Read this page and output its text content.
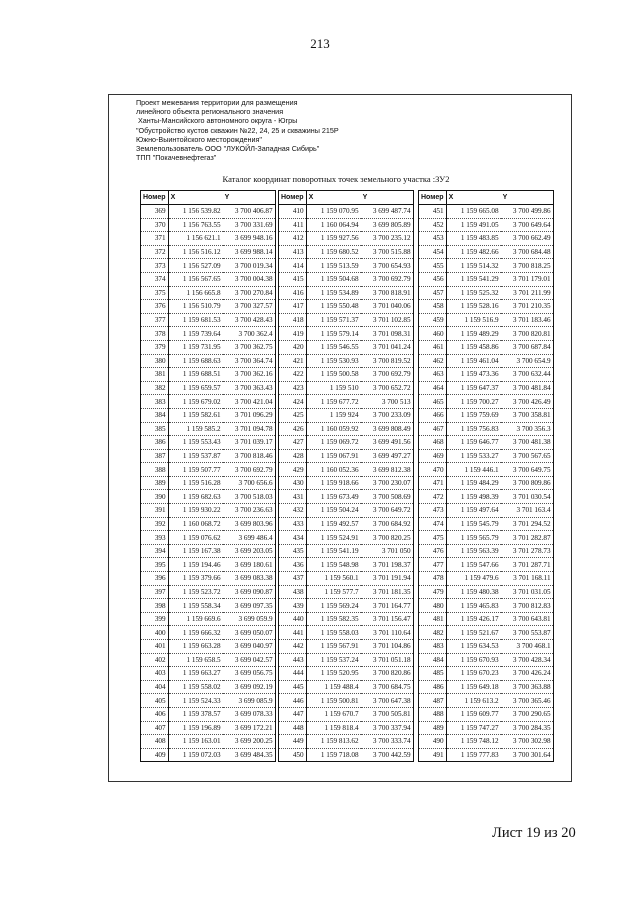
213
Проект межевания территории для размещения
линейного объекта регионального значения
Ханты-Мансийского автономного округа - Югры
"Обустройство кустов скважин №22, 24, 25 и скважины 215Р
Южно-Выинтойского месторождения"
Землепользователь ООО "ЛУКОЙЛ-Западная Сибирь"
ТПП "Покачевнефтегаз"
Каталог координат поворотных точек земельного участка :ЗУ2
Номер	X	Y
369	1 156 539.82	3 700 406.87
370	1 156 763.55	3 700 331.69
371	1 156 621.1	3 699 948.16
372	1 156 516.12	3 699 988.14
373	1 156 527.09	3 700 019.34
374	1 156 567.65	3 700 004.38
375	1 156 665.8	3 700 270.84
376	1 156 510.79	3 700 327.57
377	1 159 681.53	3 700 428.43
378	1 159 739.64	3 700 362.4
379	1 159 731.95	3 700 362.75
380	1 159 688.63	3 700 364.74
381	1 159 688.51	3 700 362.16
382	1 159 659.57	3 700 363.43
383	1 159 679.02	3 700 421.04
384	1 159 582.61	3 701 096.29
385	1 159 585.2	3 701 094.78
386	1 159 553.43	3 701 039.17
387	1 159 537.87	3 700 818.46
388	1 159 507.77	3 700 692.79
389	1 159 516.28	3 700 656.6
390	1 159 682.63	3 700 518.03
391	1 159 930.22	3 700 236.63
392	1 160 068.72	3 699 803.96
393	1 159 076.62	3 699 486.4
394	1 159 167.38	3 699 203.05
395	1 159 194.46	3 699 180.61
396	1 159 379.66	3 699 083.38
397	1 159 523.72	3 699 090.87
398	1 159 558.34	3 699 097.35
399	1 159 669.6	3 699 059.9
400	1 159 666.32	3 699 050.07
401	1 159 663.28	3 699 040.97
402	1 159 658.5	3 699 042.57
403	1 159 663.27	3 699 056.75
404	1 159 558.02	3 699 092.19
405	1 159 524.33	3 699 085.9
406	1 159 378.57	3 699 078.33
407	1 159 196.89	3 699 172.21
408	1 159 163.01	3 699 200.25
409	1 159 072.03	3 699 484.35
Номер	X	Y
410	1 159 070.95	3 699 487.74
411	1 160 064.94	3 699 805.89
412	1 159 927.56	3 700 235.12
413	1 159 680.52	3 700 515.88
414	1 159 513.59	3 700 654.93
415	1 159 504.68	3 700 692.79
416	1 159 534.89	3 700 818.91
417	1 159 550.48	3 701 040.06
418	1 159 571.37	3 701 102.85
419	1 159 579.14	3 701 098.31
420	1 159 546.55	3 701 041.24
421	1 159 530.93	3 700 819.52
422	1 159 500.58	3 700 692.79
423	1 159 510	3 700 652.72
424	1 159 677.72	3 700 513
425	1 159 924	3 700 233.09
426	1 160 059.92	3 699 808.49
427	1 159 069.72	3 699 491.56
428	1 159 067.91	3 699 497.27
429	1 160 052.36	3 699 812.38
430	1 159 918.66	3 700 230.07
431	1 159 673.49	3 700 508.69
432	1 159 504.24	3 700 649.72
433	1 159 492.57	3 700 684.92
434	1 159 524.91	3 700 820.25
435	1 159 541.19	3 701 050
436	1 159 548.98	3 701 198.37
437	1 159 560.1	3 701 191.94
438	1 159 577.7	3 701 181.35
439	1 159 569.24	3 701 164.77
440	1 159 582.35	3 701 156.47
441	1 159 558.03	3 701 110.64
442	1 159 567.91	3 701 104.86
443	1 159 537.24	3 701 051.18
444	1 159 520.95	3 700 820.86
445	1 159 488.4	3 700 684.75
446	1 159 500.81	3 700 647.38
447	1 159 670.7	3 700 505.81
448	1 159 818.4	3 700 337.94
449	1 159 813.62	3 700 333.74
450	1 159 718.08	3 700 442.59
Номер	X	Y
451	1 159 665.08	3 700 499.86
452	1 159 491.05	3 700 649.64
453	1 159 483.85	3 700 662.49
454	1 159 482.66	3 700 684.48
455	1 159 514.32	3 700 818.25
456	1 159 541.29	3 701 179.01
457	1 159 525.32	3 701 211.99
458	1 159 528.16	3 701 210.35
459	1 159 516.9	3 701 183.46
460	1 159 489.29	3 700 820.81
461	1 159 458.86	3 700 687.84
462	1 159 461.04	3 700 654.9
463	1 159 473.36	3 700 632.44
464	1 159 647.37	3 700 481.84
465	1 159 700.27	3 700 426.49
466	1 159 759.69	3 700 358.81
467	1 159 756.83	3 700 356.3
468	1 159 646.77	3 700 481.38
469	1 159 533.27	3 700 567.65
470	1 159 446.1	3 700 649.75
471	1 159 484.29	3 700 809.86
472	1 159 498.39	3 701 030.54
473	1 159 497.64	3 701 163.4
474	1 159 545.79	3 701 294.52
475	1 159 565.79	3 701 282.87
476	1 159 563.39	3 701 278.73
477	1 159 547.66	3 701 287.71
478	1 159 479.6	3 701 168.11
479	1 159 480.38	3 701 031.05
480	1 159 465.83	3 700 812.83
481	1 159 426.17	3 700 643.81
482	1 159 521.67	3 700 553.87
483	1 159 634.53	3 700 468.1
484	1 159 670.93	3 700 428.34
485	1 159 670.23	3 700 426.24
486	1 159 649.18	3 700 363.88
487	1 159 613.2	3 700 365.46
488	1 159 609.77	3 700 290.65
489	1 159 747.27	3 700 284.35
490	1 159 748.12	3 700 302.98
491	1 159 777.83	3 700 301.64
Лист 19 из 20
